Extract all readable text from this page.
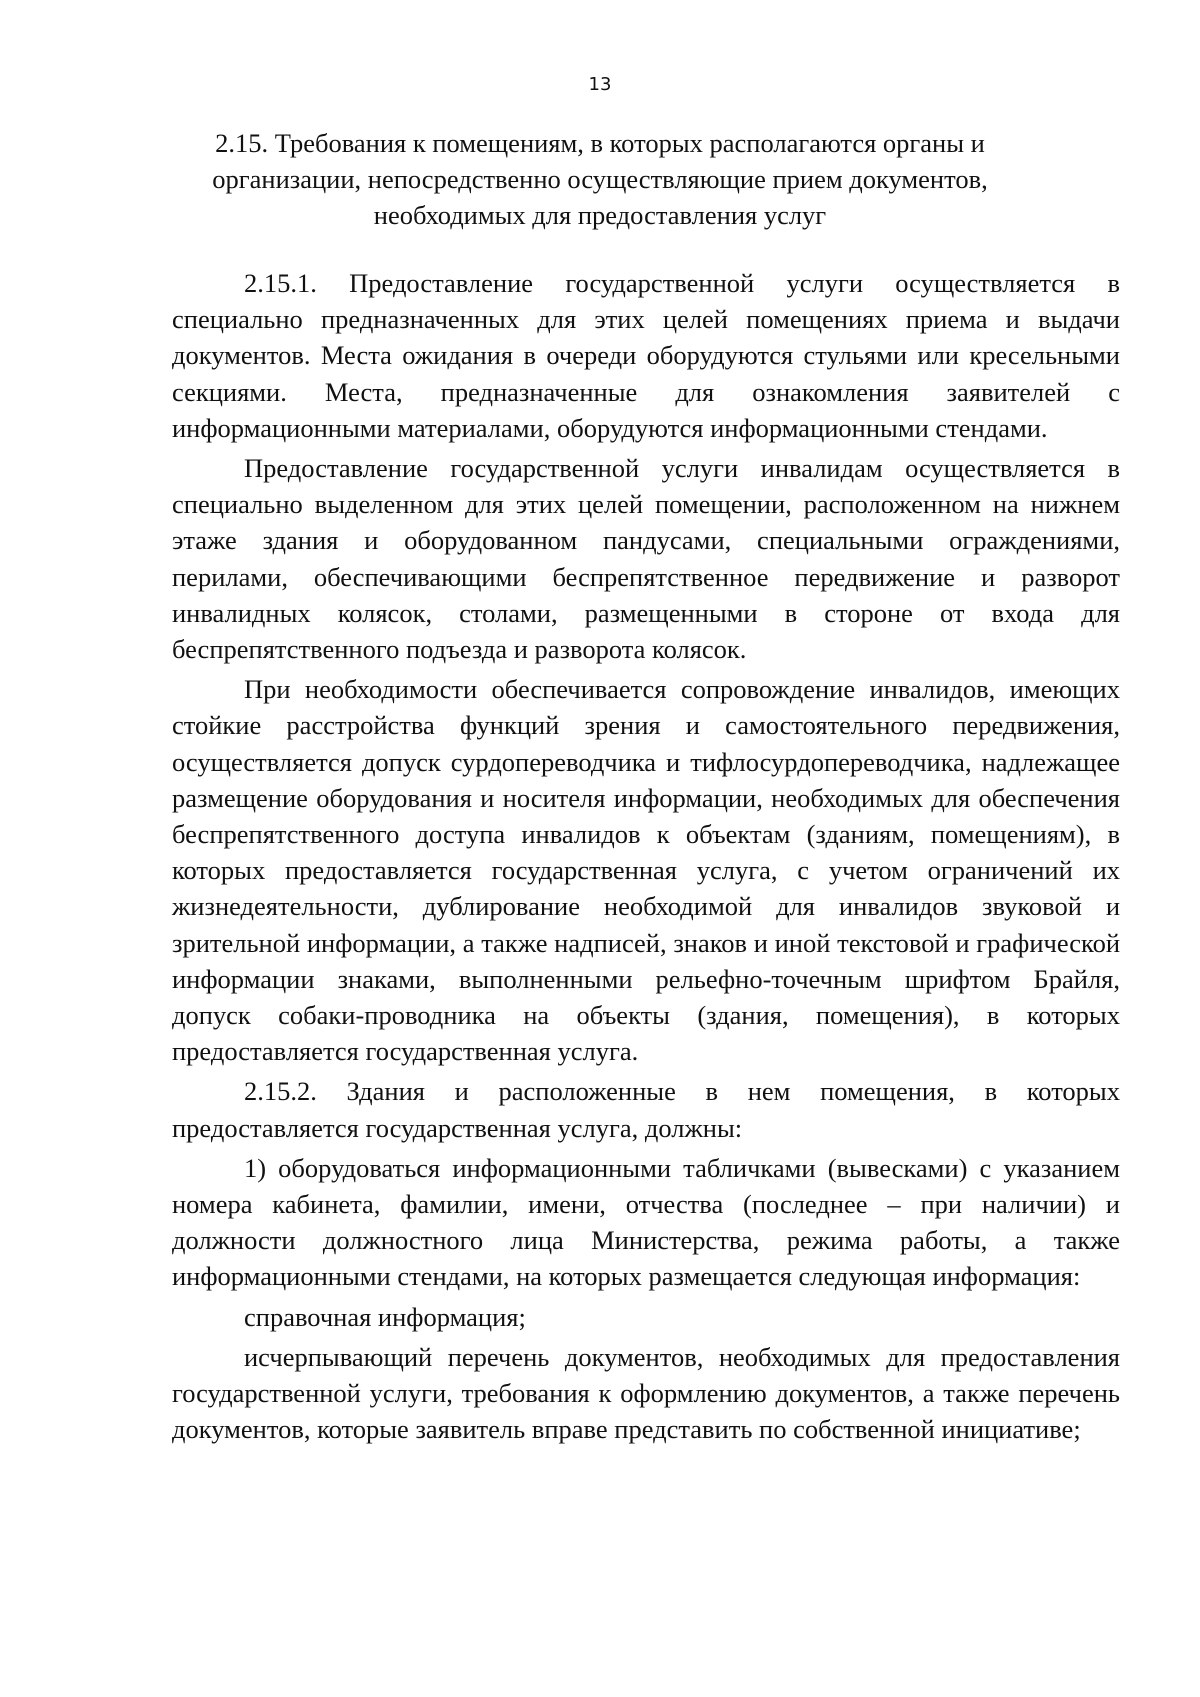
13
2.15. Требования к помещениям, в которых располагаются органы и
организации, непосредственно осуществляющие прием документов,
необходимых для предоставления услуг

2.15.1. Предоставление государственной услуги осуществляется в специально предназначенных для этих целей помещениях приема и выдачи документов. Места ожидания в очереди оборудуются стульями или кресельными секциями. Места, предназначенные для ознакомления заявителей с информационными материалами, оборудуются информационными стендами.

Предоставление государственной услуги инвалидам осуществляется в специально выделенном для этих целей помещении, расположенном на нижнем этаже здания и оборудованном пандусами, специальными ограждениями, перилами, обеспечивающими беспрепятственное передвижение и разворот инвалидных колясок, столами, размещенными в стороне от входа для беспрепятственного подъезда и разворота колясок.

При необходимости обеспечивается сопровождение инвалидов, имеющих стойкие расстройства функций зрения и самостоятельного передвижения, осуществляется допуск сурдопереводчика и тифлосурдопереводчика, надлежащее размещение оборудования и носителя информации, необходимых для обеспечения беспрепятственного доступа инвалидов к объектам (зданиям, помещениям), в которых предоставляется государственная услуга, с учетом ограничений их жизнедеятельности, дублирование необходимой для инвалидов звуковой и зрительной информации, а также надписей, знаков и иной текстовой и графической информации знаками, выполненными рельефно-точечным шрифтом Брайля, допуск собаки-проводника на объекты (здания, помещения), в которых предоставляется государственная услуга.

2.15.2. Здания и расположенные в нем помещения, в которых предоставляется государственная услуга, должны:

1) оборудоваться информационными табличками (вывесками) с указанием номера кабинета, фамилии, имени, отчества (последнее – при наличии) и должности должностного лица Министерства, режима работы, а также информационными стендами, на которых размещается следующая информация:

справочная информация;

исчерпывающий перечень документов, необходимых для предоставления государственной услуги, требования к оформлению документов, а также перечень документов, которые заявитель вправе представить по собственной инициативе;
